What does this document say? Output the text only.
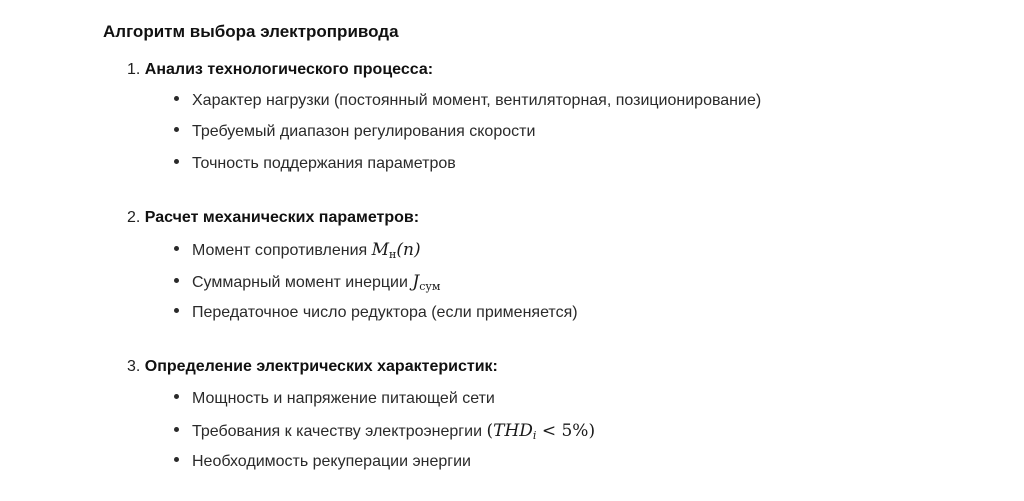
Алгоритм выбора электропривода
1. Анализ технологического процесса:
Характер нагрузки (постоянный момент, вентиляторная, позиционирование)
Требуемый диапазон регулирования скорости
Точность поддержания параметров
2. Расчет механических параметров:
Момент сопротивления $M_н(n)$
Суммарный момент инерции $J_{сум}$
Передаточное число редуктора (если применяется)
3. Определение электрических характеристик:
Мощность и напряжение питающей сети
Требования к качеству электроэнергии $(THD_i < 5\%)$
Необходимость рекуперации энергии
